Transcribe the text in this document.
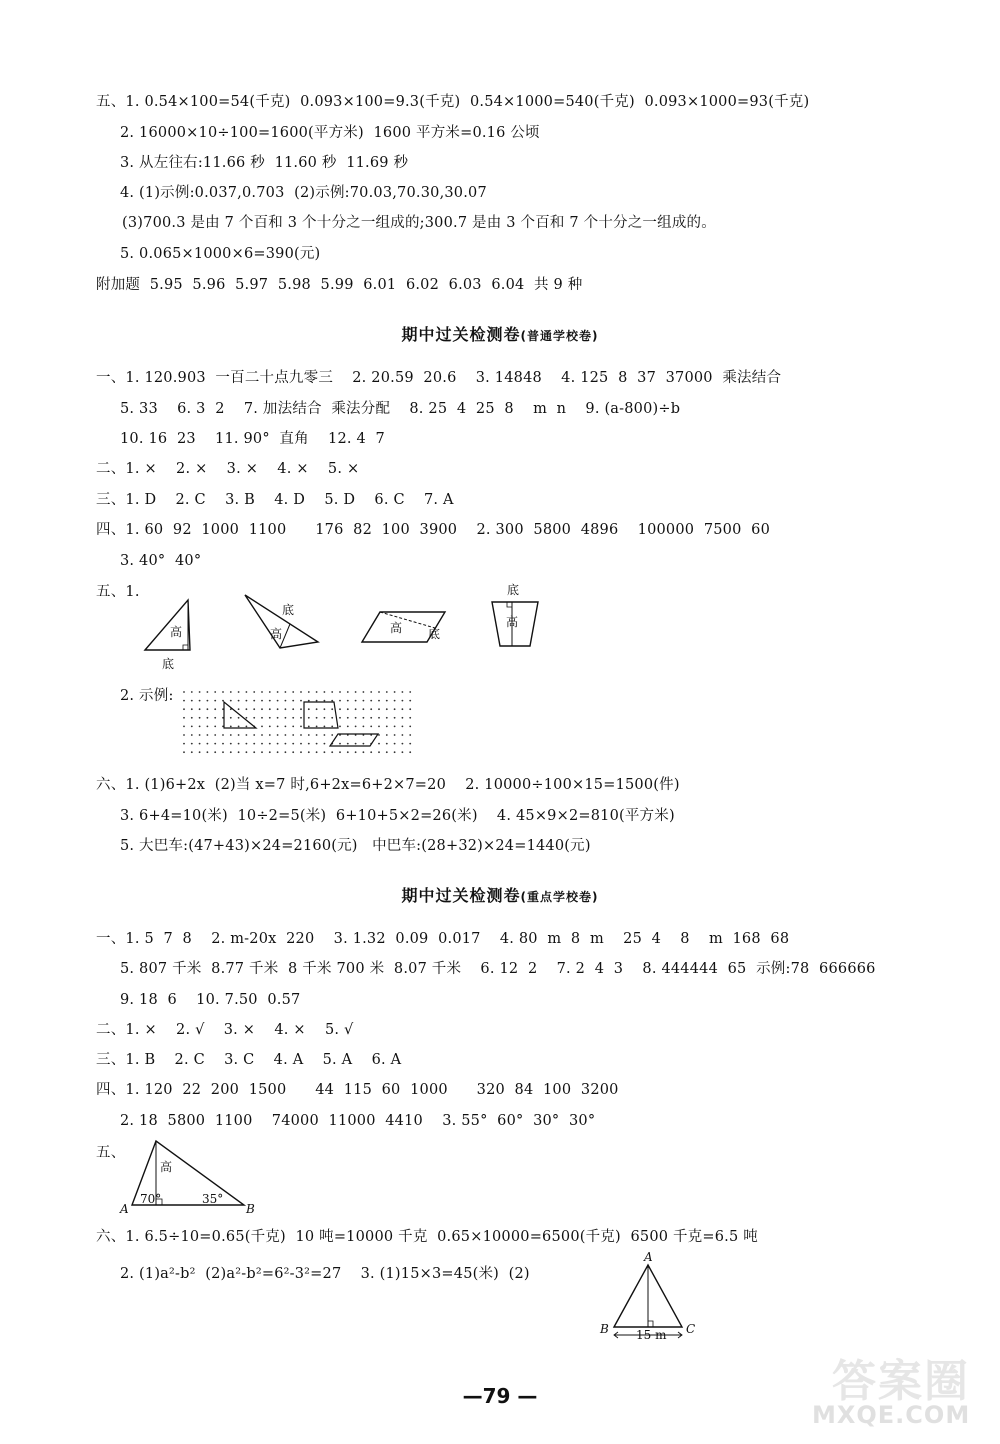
五、1. 0.54×100=54(千克)  0.093×100=9.3(千克)  0.54×1000=540(千克)  0.093×1000=93(千克)
2. 16000×10÷100=1600(平方米)  1600 平方米=0.16 公顷
3. 从左往右:11.66 秒  11.60 秒  11.69 秒
4. (1)示例:0.037,0.703  (2)示例:70.03,70.30,30.07
(3)700.3 是由 7 个百和 3 个十分之一组成的;300.7 是由 3 个百和 7 个十分之一组成的。
5. 0.065×1000×6=390(元)
附加题  5.95  5.96  5.97  5.98  5.99  6.01  6.02  6.03  6.04  共 9 种
期中过关检测卷(普通学校卷)
一、1. 120.903  一百二十点九零三    2. 20.59  20.6    3. 14848    4. 125  8  37  37000  乘法结合
5. 33    6. 3  2    7. 加法结合  乘法分配    8. 25  4  25  8    m  n    9. (a-800)÷b
10. 16  23    11. 90°  直角    12. 4  7
二、1. ×    2. ×    3. ×    4. ×    5. ×
三、1. D    2. C    3. B    4. D    5. D    6. C    7. A
四、1. 60  92  1000  1100      176  82  100  3900    2. 300  5800  4896    100000  7500  60
3. 40°  40°
五、1.
高
底
底
高	高 底
底
高
2. 示例:
六、1. (1)6+2x  (2)当 x=7 时,6+2x=6+2×7=20    2. 10000÷100×15=1500(件)
3. 6+4=10(米)  10÷2=5(米)  6+10+5×2=26(米)    4. 45×9×2=810(平方米)
5. 大巴车:(47+43)×24=2160(元)   中巴车:(28+32)×24=1440(元)
期中过关检测卷(重点学校卷)
一、1. 5  7  8    2. m-20x  220    3. 1.32  0.09  0.017    4. 80  m  8  m    25  4    8    m  168  68
5. 807 千米  8.77 千米  8 千米 700 米  8.07 千米    6. 12  2    7. 2  4  3    8. 444444  65  示例:78  666666
9. 18  6    10. 7.50  0.57
二、1. ×    2. √    3. ×    4. ×    5. √
三、1. B    2. C    3. C    4. A    5. A    6. A
四、1. 120  22  200  1500      44  115  60  1000      320  84  100  3200
2. 18  5800  1100    74000  11000  4410    3. 55°  60°  30°  30°
五、
高
70°	35°
A	B
六、1. 6.5÷10=0.65(千克)  10 吨=10000 千克  0.65×10000=6500(千克)  6500 千克=6.5 吨
2. (1)a²-b²  (2)a²-b²=6²-3²=27    3. (1)15×3=45(米)  (2)
15 m
A
B	C
—79 —	答案圈
MXQE.COM
